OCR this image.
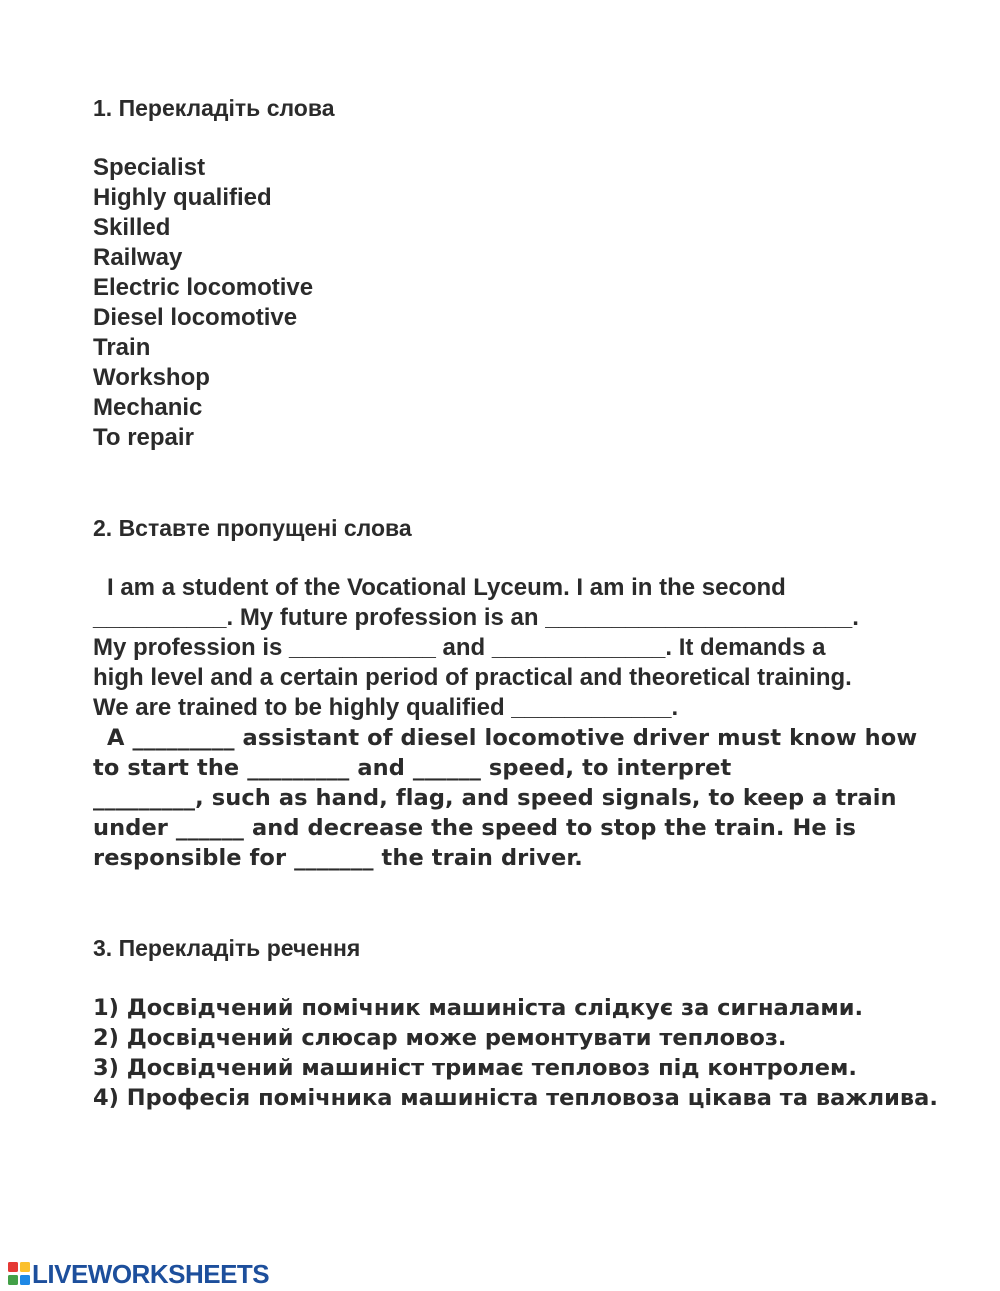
1. Перекладіть слова
Specialist
Highly qualified
Skilled
Railway
Electric locomotive
Diesel locomotive
Train
Workshop
Mechanic
To repair
2. Вставте пропущені слова
I am a student of the Vocational Lyceum. I am in the second
__________. My future profession is an _______________________.
My profession is ___________ and _____________. It demands a
high level and a certain period of practical and theoretical training.
We are trained to be highly qualified ____________.
A _________ assistant of diesel locomotive driver must know how
to start the _________ and ______ speed, to interpret
_________, such as hand, flag, and speed signals, to keep a train
under ______ and decrease the speed to stop the train. He is
responsible for _______ the train driver.
3. Перекладіть речення
1) Досвідчений помічник машиніста слідкує за сигналами.
2) Досвідчений слюсар може ремонтувати тепловоз.
3) Досвідчений машиніст тримає тепловоз під контролем.
4) Професія помічника машиніста тепловоза цікава та важлива.
LIVEWORKSHEETS
